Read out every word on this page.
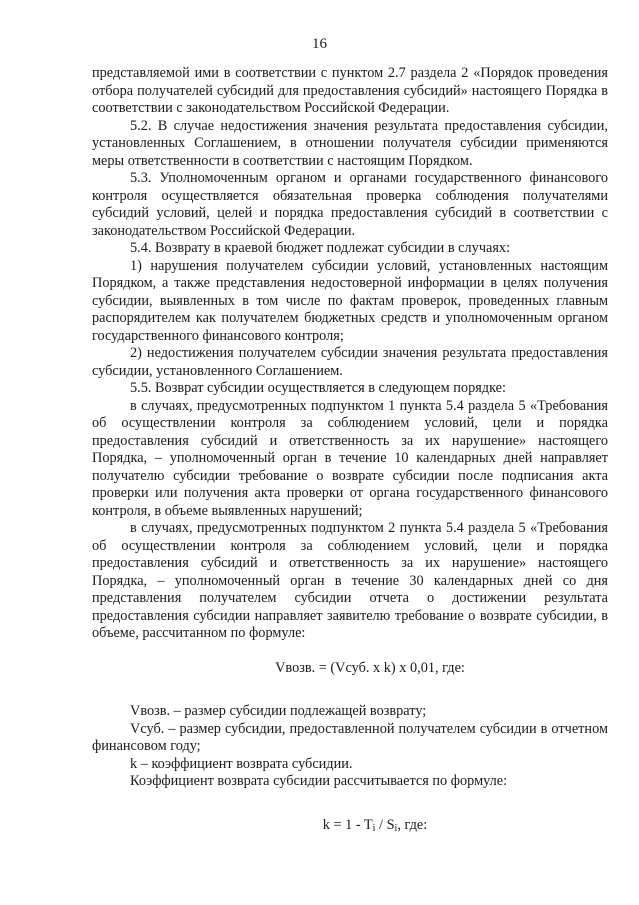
16

представляемой ими в соответствии с пунктом 2.7 раздела 2 «Порядок проведения отбора получателей субсидий для предоставления субсидий» настоящего Порядка в соответствии с законодательством Российской Федерации.

5.2. В случае недостижения значения результата предоставления субсидии, установленных Соглашением, в отношении получателя субсидии применяются меры ответственности в соответствии с настоящим Порядком.

5.3. Уполномоченным органом и органами государственного финансового контроля осуществляется обязательная проверка соблюдения получателями субсидий условий, целей и порядка предоставления субсидий в соответствии с законодательством Российской Федерации.

5.4. Возврату в краевой бюджет подлежат субсидии в случаях:

1) нарушения получателем субсидии условий, установленных настоящим Порядком, а также представления недостоверной информации в целях получения субсидии, выявленных в том числе по фактам проверок, проведенных главным распорядителем как получателем бюджетных средств и уполномоченным органом государственного финансового контроля;

2) недостижения получателем субсидии значения результата предоставления субсидии, установленного Соглашением.

5.5. Возврат субсидии осуществляется в следующем порядке:

в случаях, предусмотренных подпунктом 1 пункта 5.4 раздела 5 «Требования об осуществлении контроля за соблюдением условий, цели и порядка предоставления субсидий и ответственность за их нарушение» настоящего Порядка, – уполномоченный орган в течение 10 календарных дней направляет получателю субсидии требование о возврате субсидии после подписания акта проверки или получения акта проверки от органа государственного финансового контроля, в объеме выявленных нарушений;

в случаях, предусмотренных подпунктом 2 пункта 5.4 раздела 5 «Требования об осуществлении контроля за соблюдением условий, цели и порядка предоставления субсидий и ответственность за их нарушение» настоящего Порядка, – уполномоченный орган в течение 30 календарных дней со дня представления получателем субсидии отчета о достижении результата предоставления субсидии направляет заявителю требование о возврате субсидии, в объеме, рассчитанном по формуле:

Vвозв. = (Vсуб. х k) х 0,01, где:

Vвозв. – размер субсидии подлежащей возврату;

Vсуб. – размер субсидии, предоставленной получателем субсидии в отчетном финансовом году;

k – коэффициент возврата субсидии.

Коэффициент возврата субсидии рассчитывается по формуле:

$k = 1 - T_i / S_i$, где:
